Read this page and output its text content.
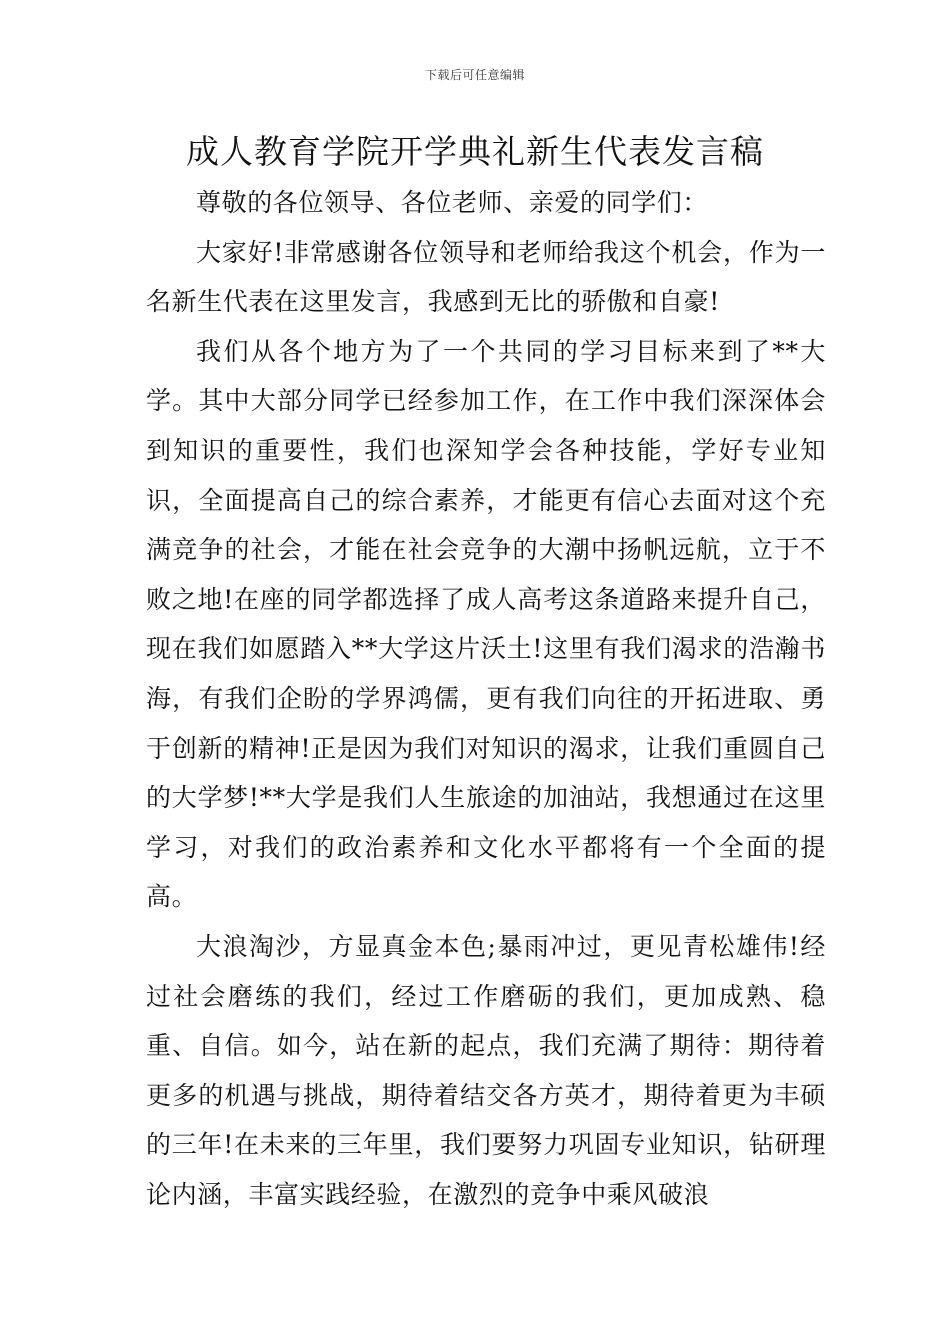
下载后可任意编辑
成人教育学院开学典礼新生代表发言稿

尊敬的各位领导、各位老师、亲爱的同学们：

大家好!非常感谢各位领导和老师给我这个机会，作为一名新生代表在这里发言，我感到无比的骄傲和自豪!

我们从各个地方为了一个共同的学习目标来到了**大学。其中大部分同学已经参加工作，在工作中我们深深体会到知识的重要性，我们也深知学会各种技能，学好专业知识，全面提高自己的综合素养，才能更有信心去面对这个充满竞争的社会，才能在社会竞争的大潮中扬帆远航，立于不败之地!在座的同学都选择了成人高考这条道路来提升自己，现在我们如愿踏入**大学这片沃土!这里有我们渴求的浩瀚书海，有我们企盼的学界鸿儒，更有我们向往的开拓进取、勇于创新的精神!正是因为我们对知识的渴求，让我们重圆自己的大学梦!**大学是我们人生旅途的加油站，我想通过在这里学习，对我们的政治素养和文化水平都将有一个全面的提高。

大浪淘沙，方显真金本色;暴雨冲过，更见青松雄伟!经过社会磨练的我们，经过工作磨砺的我们，更加成熟、稳重、自信。如今，站在新的起点，我们充满了期待：期待着更多的机遇与挑战，期待着结交各方英才，期待着更为丰硕的三年!在未来的三年里，我们要努力巩固专业知识，钻研理论内涵，丰富实践经验，在激烈的竞争中乘风破浪
